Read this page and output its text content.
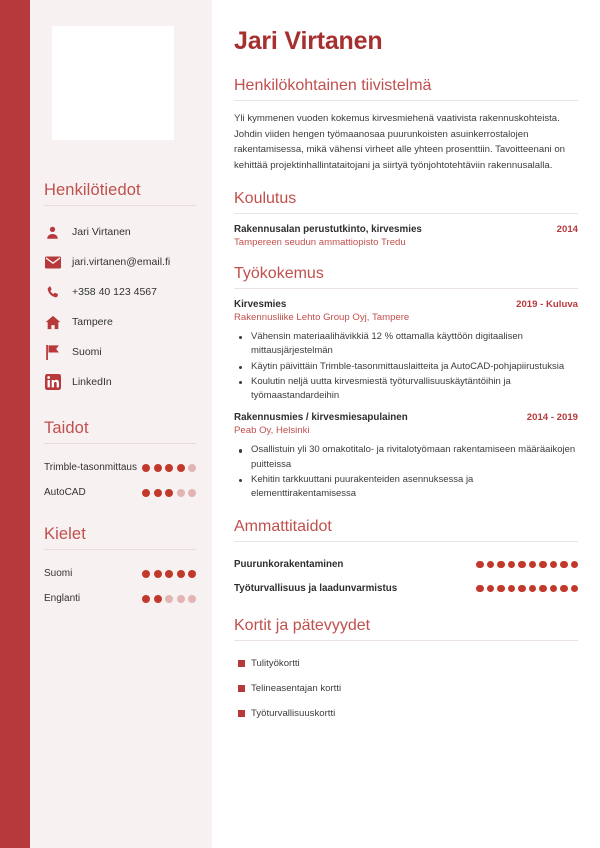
Henkilötiedot
Jari Virtanen
jari.virtanen@email.fi
+358 40 123 4567
Tampere
Suomi
LinkedIn
Taidot
Trimble-tasonmittaus
AutoCAD
Kielet
Suomi
Englanti
Jari Virtanen
Henkilökohtainen tiivistelmä

Yli kymmenen vuoden kokemus kirvesmiehenä vaativista rakennuskohteista. Johdin viiden hengen työmaanosaa puurunkoisten asuinkerrostalojen rakentamisessa, mikä vähensi virheet alle yhteen prosenttiin. Tavoitteenani on kehittää projektinhallintataitojani ja siirtyä työnjohtotehtäviin rakennusalalla.

Koulutus
Rakennusalan perustutkinto, kirvesmies	2014
Tampereen seudun ammattiopisto Tredu
Työkokemus
Kirvesmies	2019 - Kuluva
Rakennusliike Lehto Group Oyj, Tampere
Vähensin materiaalihävikkiä 12 % ottamalla käyttöön digitaalisen mittausjärjestelmän
Käytin päivittäin Trimble-tasonmittauslaitteita ja AutoCAD-pohjapiirustuksia
Koulutin neljä uutta kirvesmiestä työturvallisuuskäytäntöihin ja työmaastandardeihin
Rakennusmies / kirvesmiesapulainen	2014 - 2019
Peab Oy, Helsinki
Osallistuin yli 30 omakotitalo- ja rivitalotyömaan rakentamiseen määräaikojen puitteissa
Kehitin tarkkuuttani puurakenteiden asennuksessa ja elementtirakentamisessa
Ammattitaidot
Puurunkorakentaminen
Työturvallisuus ja laadunvarmistus
Kortit ja pätevyydet
Tulityökortti
Telineasentajan kortti
Työturvallisuuskortti
